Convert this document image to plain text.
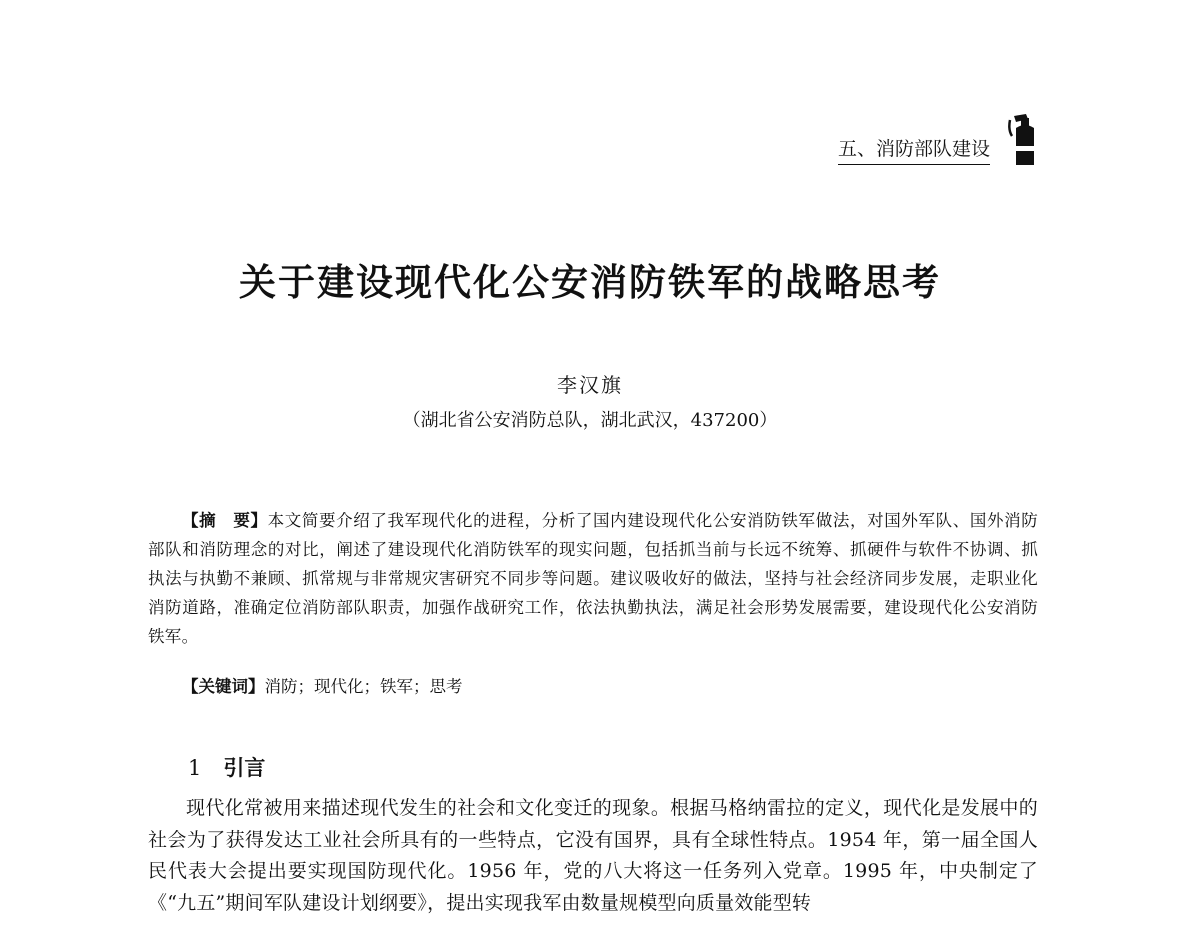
五、消防部队建设
关于建设现代化公安消防铁军的战略思考
李汉旗
（湖北省公安消防总队，湖北武汉，437200）
【摘　要】本文简要介绍了我军现代化的进程，分析了国内建设现代化公安消防铁军做法，对国外军队、国外消防部队和消防理念的对比，阐述了建设现代化消防铁军的现实问题，包括抓当前与长远不统筹、抓硬件与软件不协调、抓执法与执勤不兼顾、抓常规与非常规灾害研究不同步等问题。建议吸收好的做法，坚持与社会经济同步发展，走职业化消防道路，准确定位消防部队职责，加强作战研究工作，依法执勤执法，满足社会形势发展需要，建设现代化公安消防铁军。
【关键词】消防；现代化；铁军；思考
1 引言
现代化常被用来描述现代发生的社会和文化变迁的现象。根据马格纳雷拉的定义，现代化是发展中的社会为了获得发达工业社会所具有的一些特点，它没有国界，具有全球性特点。1954 年，第一届全国人民代表大会提出要实现国防现代化。1956 年，党的八大将这一任务列入党章。1995 年，中央制定了《“九五”期间军队建设计划纲要》，提出实现我军由数量规模型向质量效能型转
